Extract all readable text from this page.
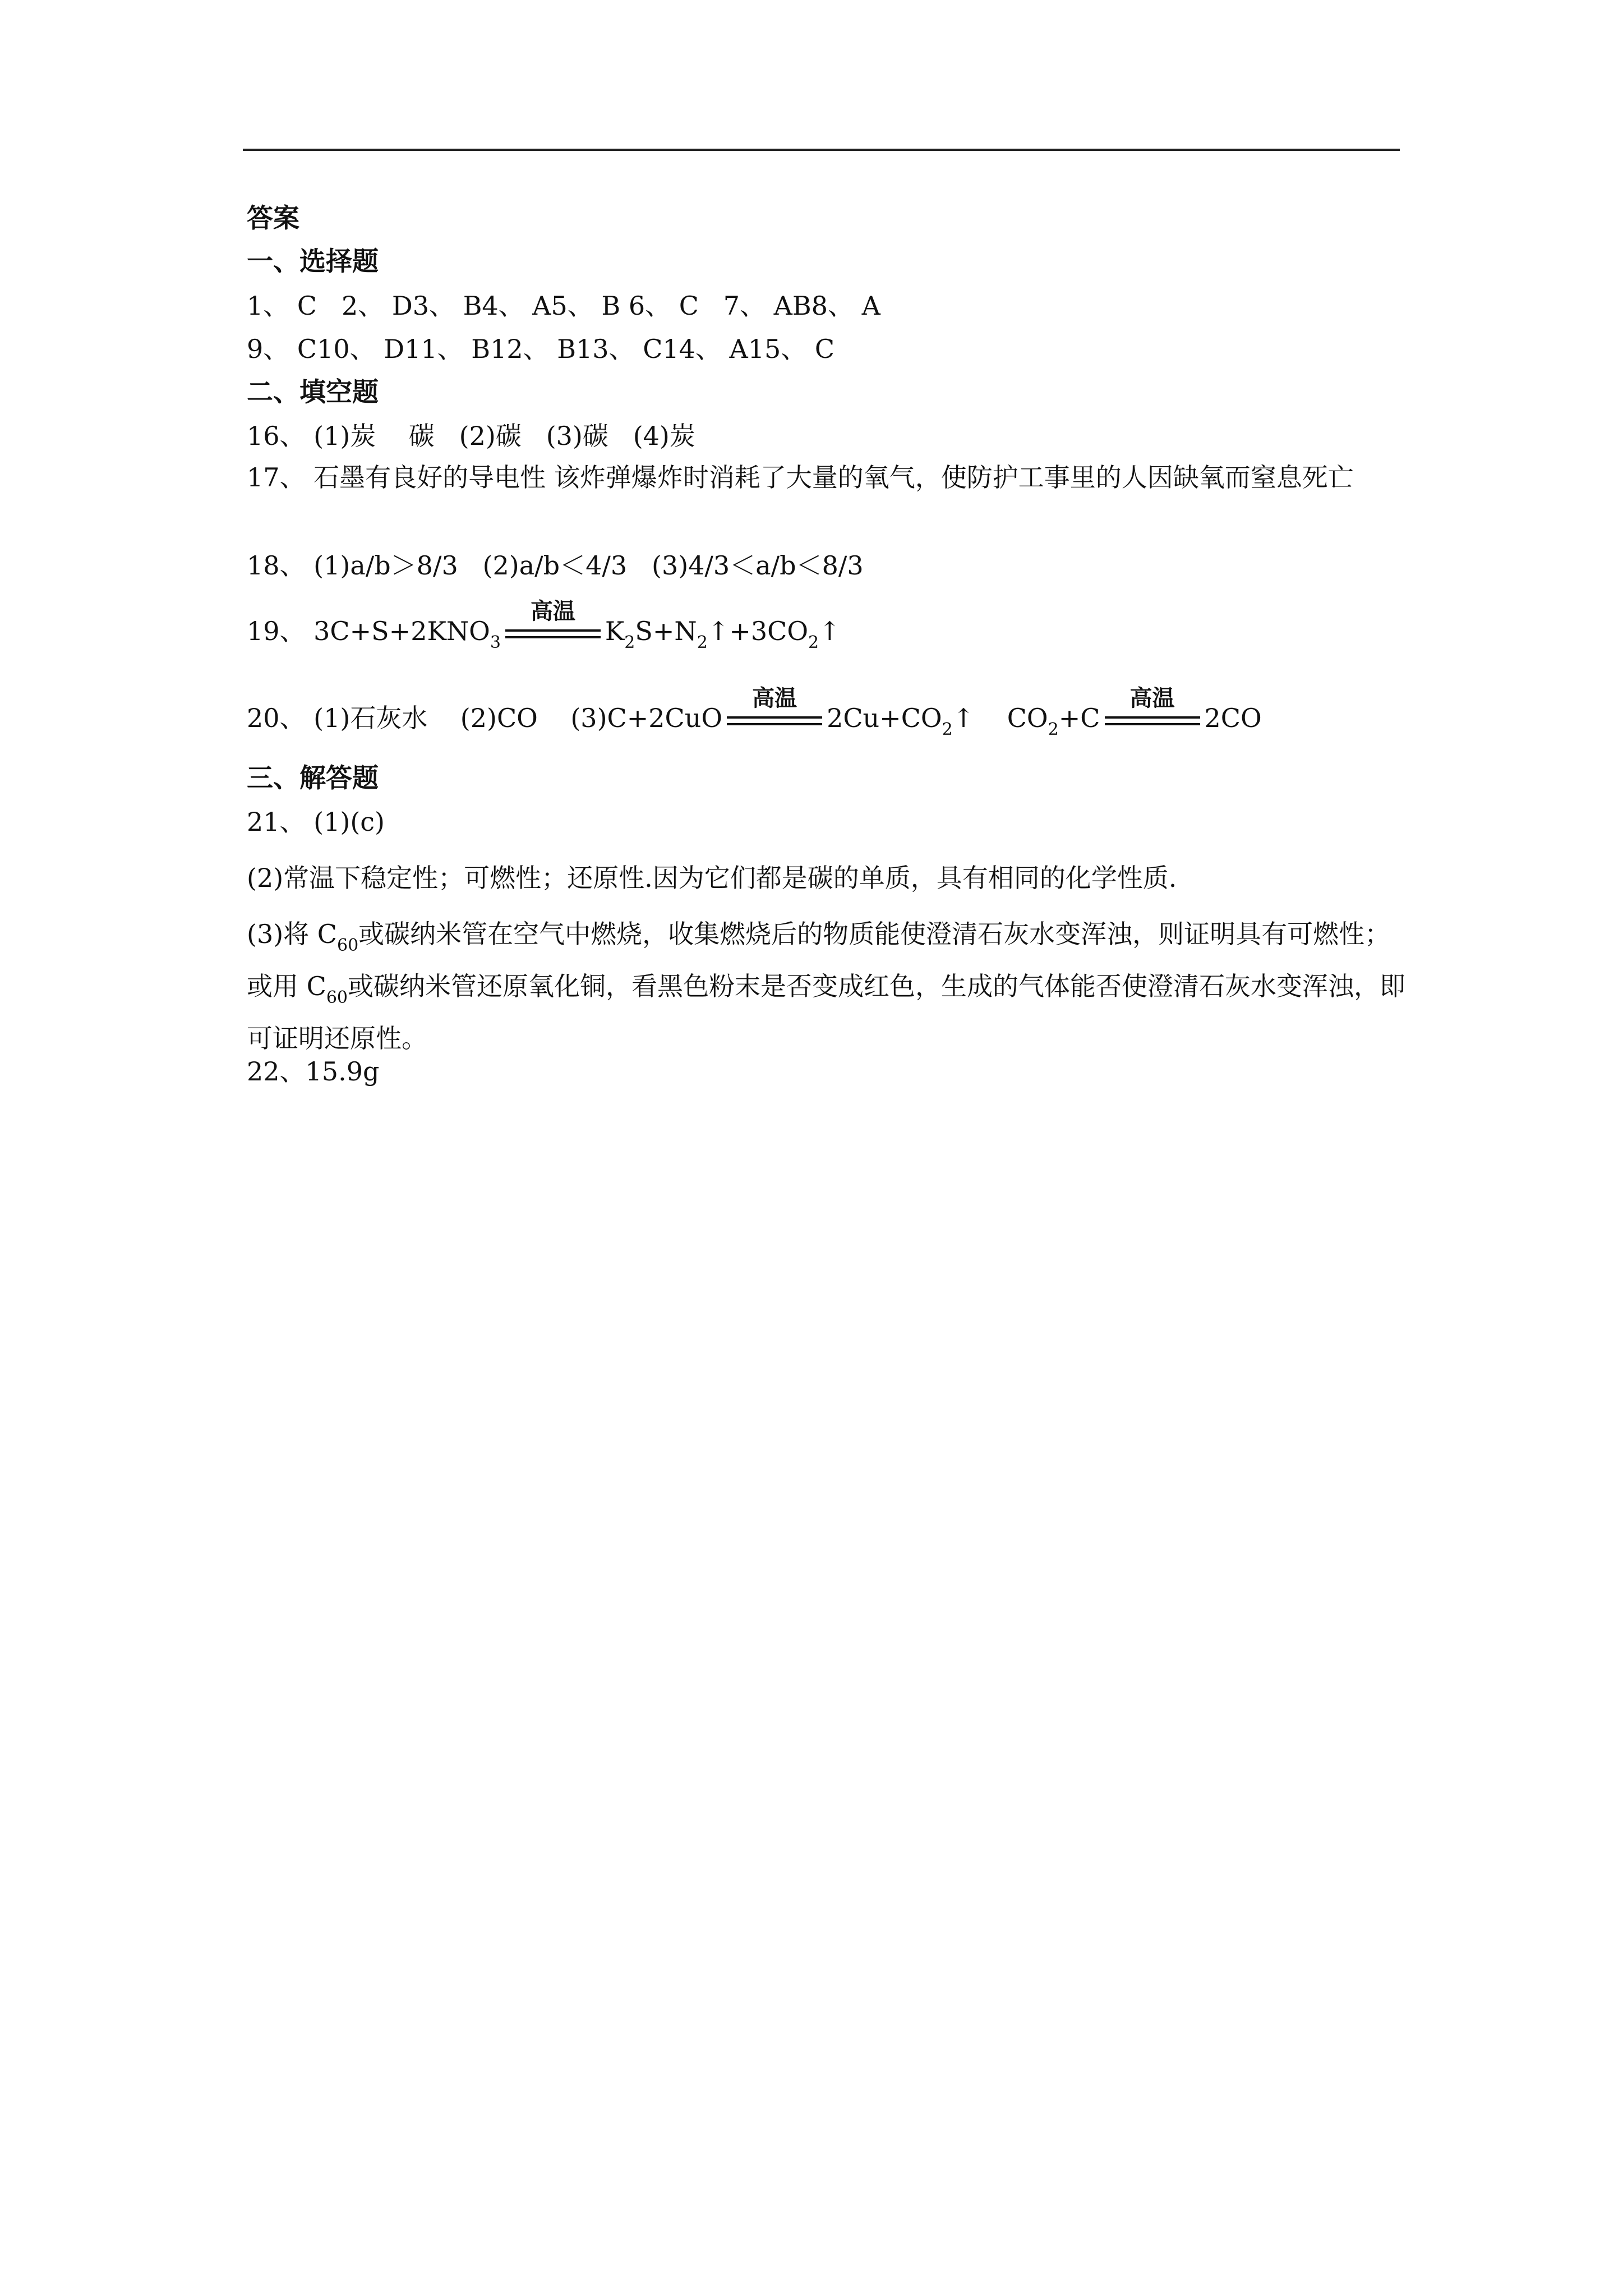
答案
一、选择题
1、 C   2、 D3、 B4、 A5、 B 6、 C   7、 AB8、 A
9、 C10、 D11、 B12、 B13、 C14、 A15、 C
二、填空题
16、 (1)炭    碳   (2)碳   (3)碳   (4)炭
17、 石墨有良好的导电性 该炸弹爆炸时消耗了大量的氧气，使防护工事里的人因缺氧而窒息死亡
18、 (1)a/b＞8/3   (2)a/b＜4/3   (3)4/3＜a/b＜8/3
19、 $3C+S+2KNO_3$
高温
$K_2S+N_2↑+3CO_2↑$
20、 (1)石灰水    (2)CO    (3)C+2CuO
高温
$2Cu+CO_2↑$    $CO_2+C$
高温
2CO
三、解答题
21、 (1)(c)
(2)常温下稳定性；可燃性；还原性.因为它们都是碳的单质，具有相同的化学性质.
(3)将 $C_{60}$或碳纳米管在空气中燃烧，收集燃烧后的物质能使澄清石灰水变浑浊，则证明具有可燃性；或用 $C_{60}$或碳纳米管还原氧化铜，看黑色粉末是否变成红色，生成的气体能否使澄清石灰水变浑浊，即可证明还原性。
22、15.9g
